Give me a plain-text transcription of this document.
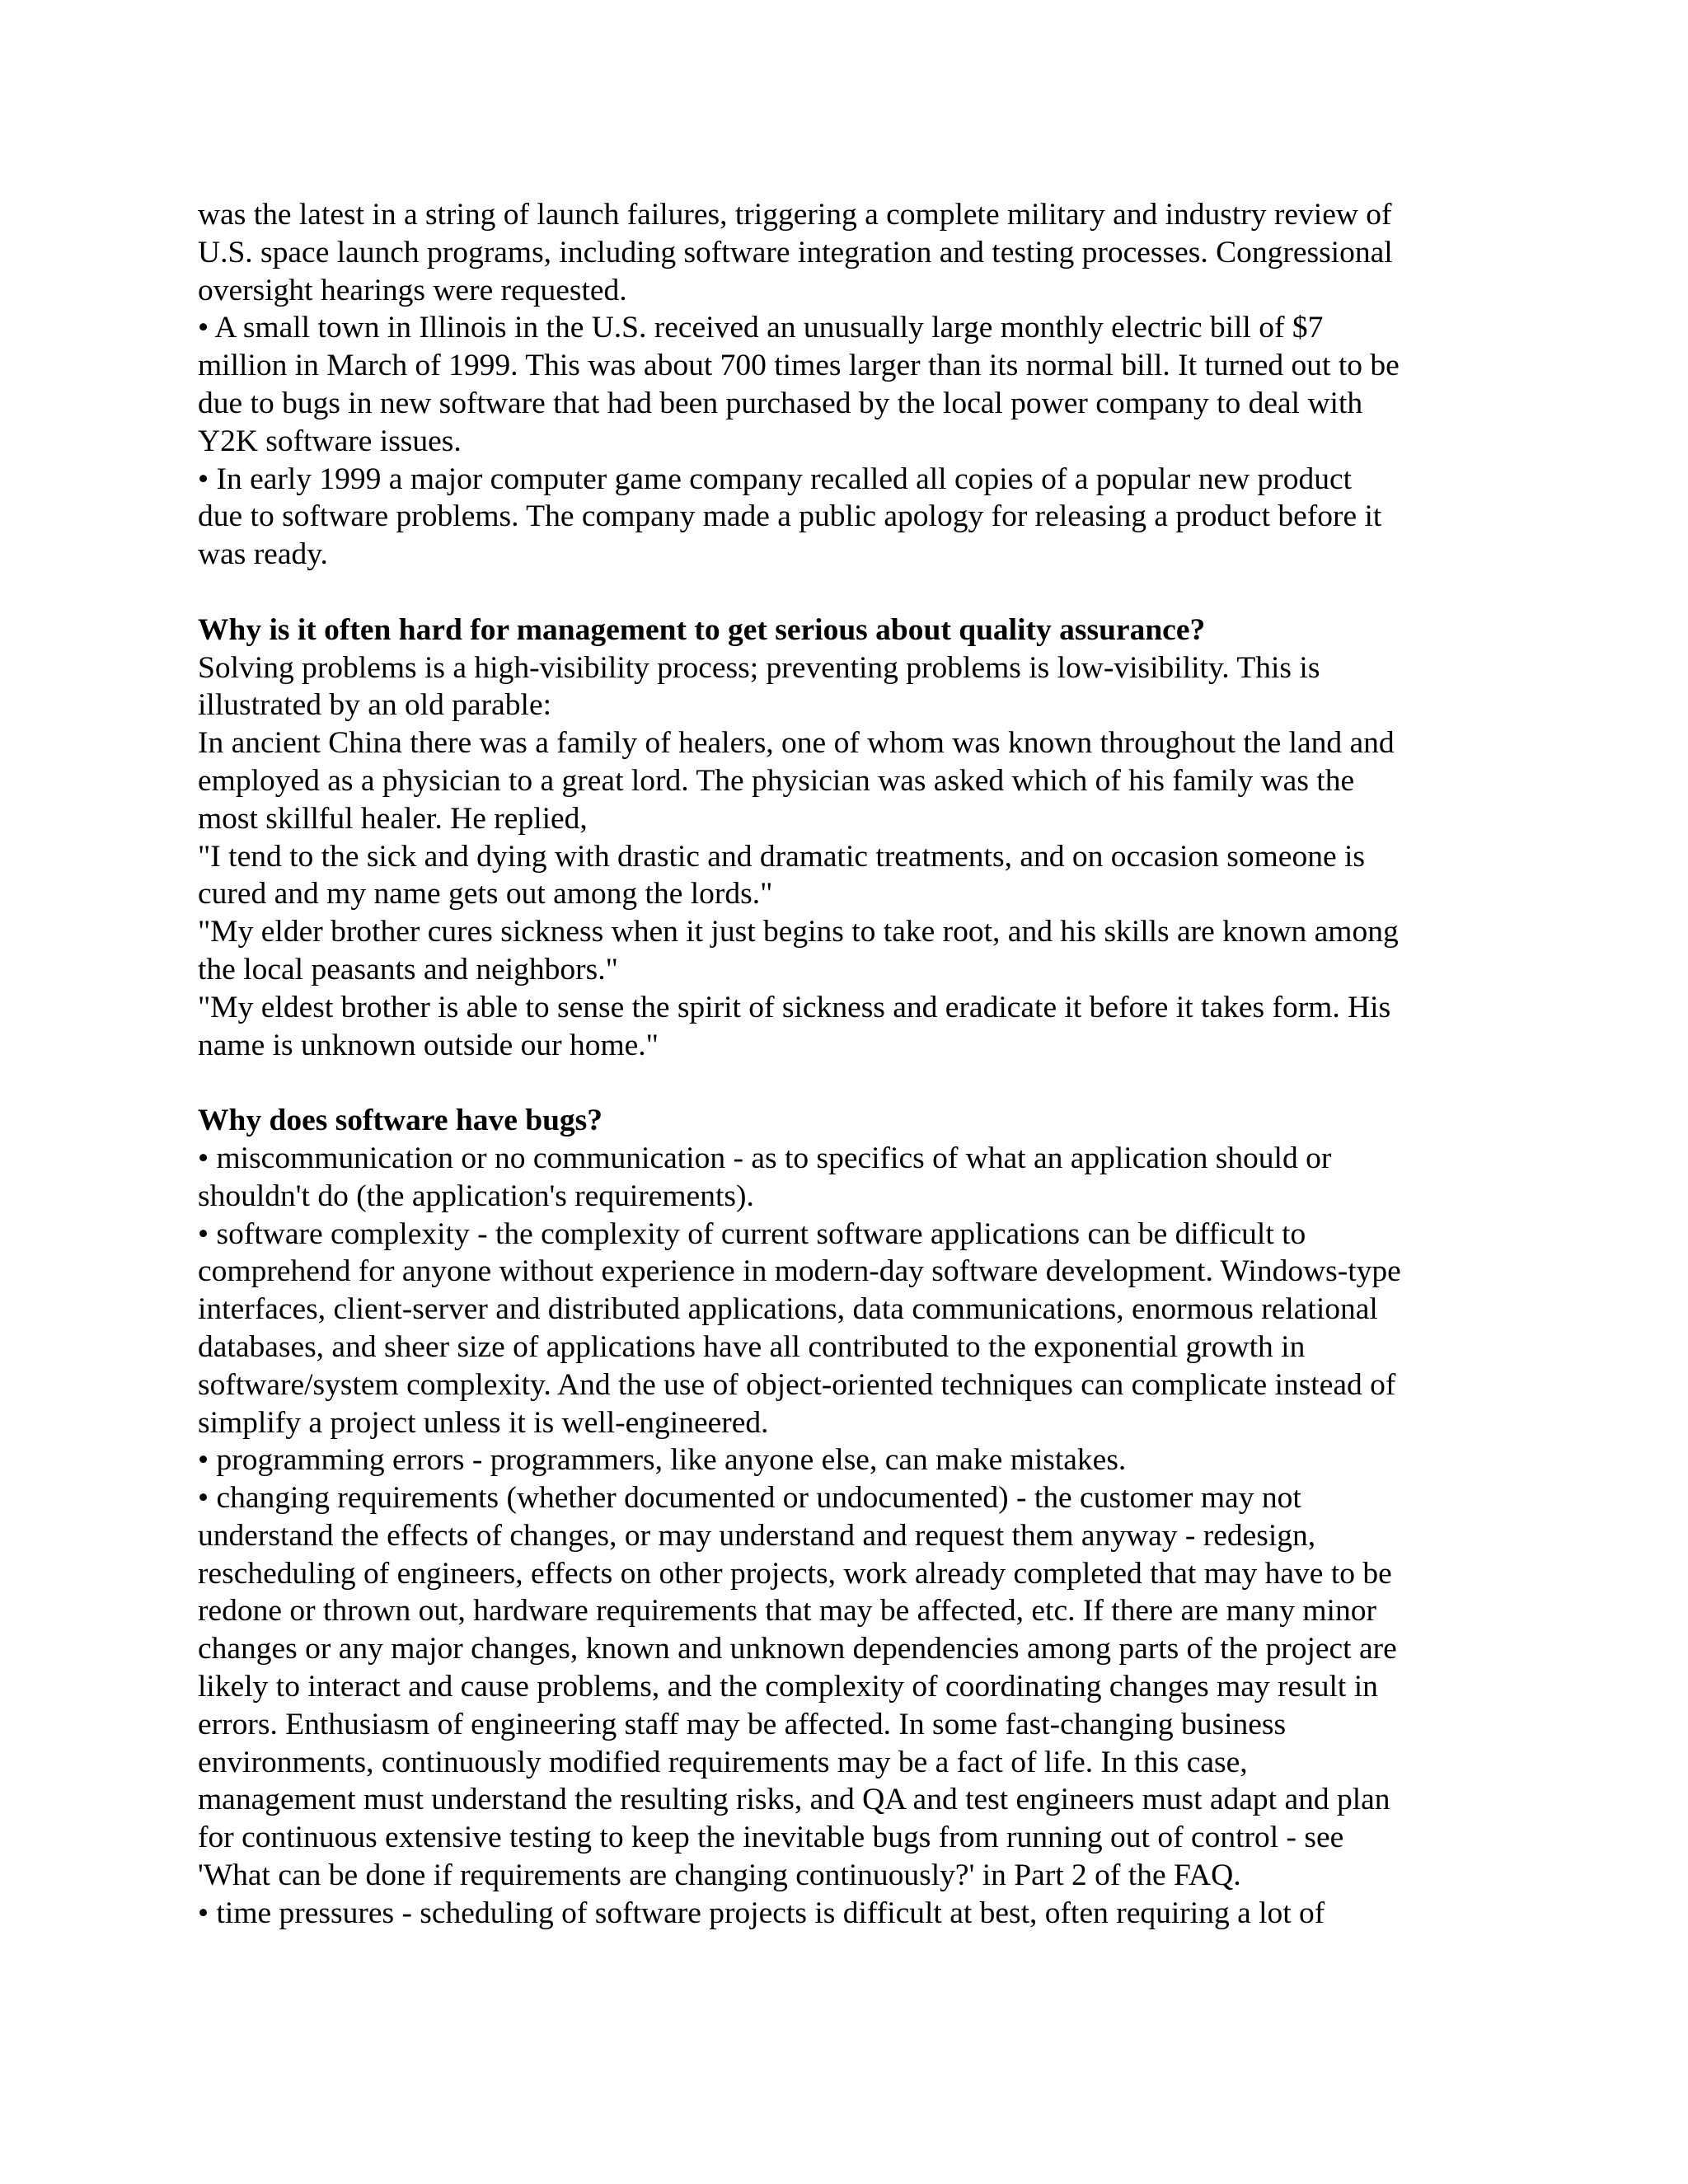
was the latest in a string of launch failures, triggering a complete military and industry review of

U.S. space launch programs, including software integration and testing processes. Congressional

oversight hearings were requested.

• A small town in Illinois in the U.S. received an unusually large monthly electric bill of $7

million in March of 1999. This was about 700 times larger than its normal bill. It turned out to be

due to bugs in new software that had been purchased by the local power company to deal with

Y2K software issues.

• In early 1999 a major computer game company recalled all copies of a popular new product

due to software problems. The company made a public apology for releasing a product before it

was ready.

Why is it often hard for management to get serious about quality assurance?

Solving problems is a high-visibility process; preventing problems is low-visibility. This is

illustrated by an old parable:

In ancient China there was a family of healers, one of whom was known throughout the land and

employed as a physician to a great lord. The physician was asked which of his family was the

most skillful healer. He replied,

"I tend to the sick and dying with drastic and dramatic treatments, and on occasion someone is

cured and my name gets out among the lords."

"My elder brother cures sickness when it just begins to take root, and his skills are known among

the local peasants and neighbors."

"My eldest brother is able to sense the spirit of sickness and eradicate it before it takes form. His

name is unknown outside our home."

Why does software have bugs?

• miscommunication or no communication - as to specifics of what an application should or

shouldn't do (the application's requirements).

• software complexity - the complexity of current software applications can be difficult to

comprehend for anyone without experience in modern-day software development. Windows-type

interfaces, client-server and distributed applications, data communications, enormous relational

databases, and sheer size of applications have all contributed to the exponential growth in

software/system complexity. And the use of object-oriented techniques can complicate instead of

simplify a project unless it is well-engineered.

• programming errors - programmers, like anyone else, can make mistakes.

• changing requirements (whether documented or undocumented) - the customer may not

understand the effects of changes, or may understand and request them anyway - redesign,

rescheduling of engineers, effects on other projects, work already completed that may have to be

redone or thrown out, hardware requirements that may be affected, etc. If there are many minor

changes or any major changes, known and unknown dependencies among parts of the project are

likely to interact and cause problems, and the complexity of coordinating changes may result in

errors. Enthusiasm of engineering staff may be affected. In some fast-changing business

environments, continuously modified requirements may be a fact of life. In this case,

management must understand the resulting risks, and QA and test engineers must adapt and plan

for continuous extensive testing to keep the inevitable bugs from running out of control - see

'What can be done if requirements are changing continuously?' in Part 2 of the FAQ.

• time pressures - scheduling of software projects is difficult at best, often requiring a lot of
